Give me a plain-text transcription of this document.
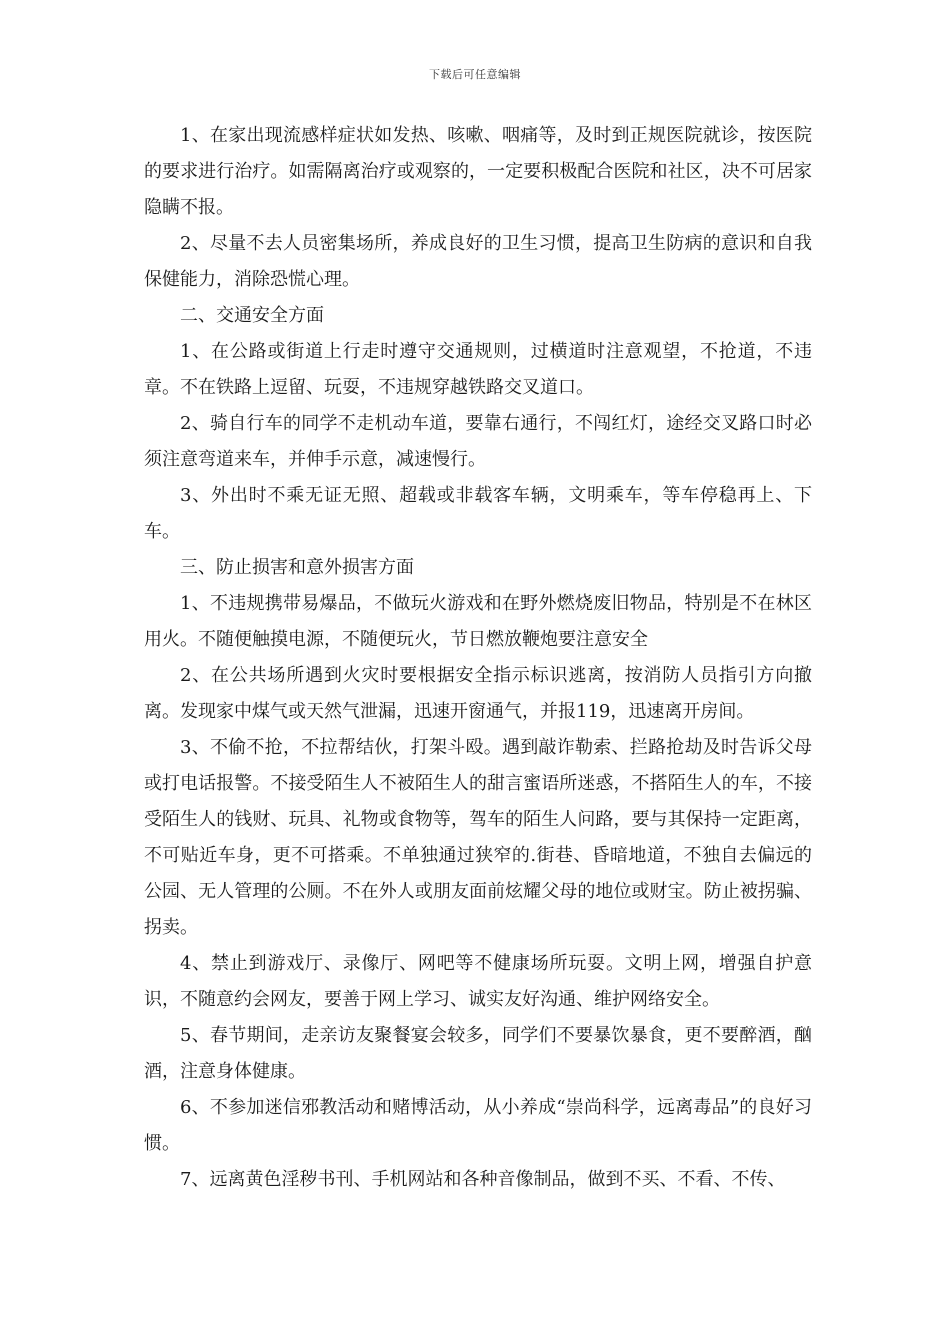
下载后可任意编辑

1、在家出现流感样症状如发热、咳嗽、咽痛等，及时到正规医院就诊，按医院的要求进行治疗。如需隔离治疗或观察的，一定要积极配合医院和社区，决不可居家隐瞒不报。

2、尽量不去人员密集场所，养成良好的卫生习惯，提高卫生防病的意识和自我保健能力，消除恐慌心理。

二、交通安全方面

1、在公路或街道上行走时遵守交通规则，过横道时注意观望，不抢道，不违章。不在铁路上逗留、玩耍，不违规穿越铁路交叉道口。

2、骑自行车的同学不走机动车道，要靠右通行，不闯红灯，途经交叉路口时必须注意弯道来车，并伸手示意，减速慢行。

3、外出时不乘无证无照、超载或非载客车辆，文明乘车，等车停稳再上、下车。

三、防止损害和意外损害方面

1、不违规携带易爆品，不做玩火游戏和在野外燃烧废旧物品，特别是不在林区用火。不随便触摸电源，不随便玩火，节日燃放鞭炮要注意安全

2、在公共场所遇到火灾时要根据安全指示标识逃离，按消防人员指引方向撤离。发现家中煤气或天然气泄漏，迅速开窗通气，并报119，迅速离开房间。

3、不偷不抢，不拉帮结伙，打架斗殴。遇到敲诈勒索、拦路抢劫及时告诉父母或打电话报警。不接受陌生人不被陌生人的甜言蜜语所迷惑，不搭陌生人的车，不接受陌生人的钱财、玩具、礼物或食物等，驾车的陌生人问路，要与其保持一定距离，不可贴近车身，更不可搭乘。不单独通过狭窄的.街巷、昏暗地道，不独自去偏远的公园、无人管理的公厕。不在外人或朋友面前炫耀父母的地位或财宝。防止被拐骗、拐卖。

4、禁止到游戏厅、录像厅、网吧等不健康场所玩耍。文明上网，增强自护意识，不随意约会网友，要善于网上学习、诚实友好沟通、维护网络安全。

5、春节期间，走亲访友聚餐宴会较多，同学们不要暴饮暴食，更不要醉酒，酗酒，注意身体健康。

6、不参加迷信邪教活动和赌博活动，从小养成“崇尚科学，远离毒品”的良好习惯。

7、远离黄色淫秽书刊、手机网站和各种音像制品，做到不买、不看、不传、
